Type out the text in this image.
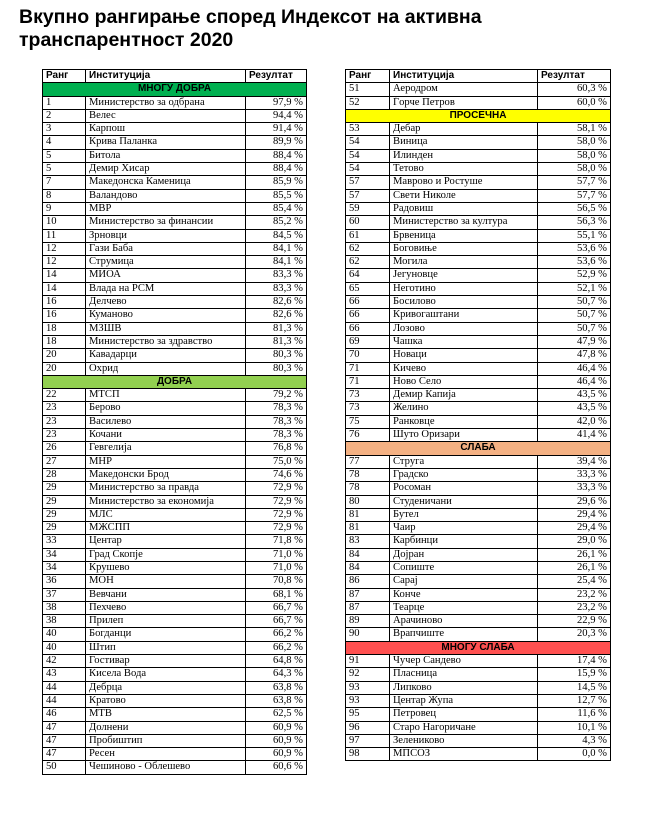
Вкупно рангирање според Индексот на активна транспарентност 2020
Ранг	Институција	Резултат
МНОГУ ДОБРА		
1	Министерство за одбрана	97,9 %
2	Велес	94,4 %
3	Карпош	91,4 %
4	Крива Паланка	89,9 %
5	Битола	88,4 %
5	Демир Хисар	88,4 %
7	Македонска Каменица	85,9 %
8	Валандово	85,5 %
9	МВР	85,4 %
10	Министерство за финансии	85,2 %
11	Зрновци	84,5 %
12	Гази Баба	84,1 %
12	Струмица	84,1 %
14	МИОА	83,3 %
14	Влада на РСМ	83,3 %
16	Делчево	82,6 %
16	Куманово	82,6 %
18	МЗШВ	81,3 %
18	Министерство за здравство	81,3 %
20	Кавадарци	80,3 %
20	Охрид	80,3 %
ДОБРА		
22	МТСП	79,2 %
23	Берово	78,3 %
23	Василево	78,3 %
23	Кочани	78,3 %
26	Гевгелија	76,8 %
27	МНР	75,0 %
28	Македонски Брод	74,6 %
29	Министерство за правда	72,9 %
29	Министерство за економија	72,9 %
29	МЛС	72,9 %
29	МЖСПП	72,9 %
33	Центар	71,8 %
34	Град Скопје	71,0 %
34	Крушево	71,0 %
36	МОН	70,8 %
37	Вевчани	68,1 %
38	Пехчево	66,7 %
38	Прилеп	66,7 %
40	Богданци	66,2 %
40	Штип	66,2 %
42	Гостивар	64,8 %
43	Кисела Вода	64,3 %
44	Дебрца	63,8 %
44	Кратово	63,8 %
46	МТВ	62,5 %
47	Долнени	60,9 %
47	Пробиштип	60,9 %
47	Ресен	60,9 %
50	Чешиново - Облешево	60,6 %
Ранг	Институција	Резултат
51	Аеродром	60,3 %
52	Ѓорче Петров	60,0 %
ПРОСЕЧНА		
53	Дебар	58,1 %
54	Виница	58,0 %
54	Илинден	58,0 %
54	Тетово	58,0 %
57	Маврово и Ростуше	57,7 %
57	Свети Николе	57,7 %
59	Радовиш	56,5 %
60	Министерство за култура	56,3 %
61	Брвеница	55,1 %
62	Боговиње	53,6 %
62	Могила	53,6 %
64	Јегуновце	52,9 %
65	Неготино	52,1 %
66	Босилово	50,7 %
66	Кривогаштани	50,7 %
66	Лозово	50,7 %
69	Чашка	47,9 %
70	Новаци	47,8 %
71	Кичево	46,4 %
71	Ново Село	46,4 %
73	Демир Капија	43,5 %
73	Желино	43,5 %
75	Ранковце	42,0 %
76	Шуто Оризари	41,4 %
СЛАБА		
77	Струга	39,4 %
78	Градско	33,3 %
78	Росоман	33,3 %
80	Студеничани	29,6 %
81	Бутел	29,4 %
81	Чаир	29,4 %
83	Карбинци	29,0 %
84	Дојран	26,1 %
84	Сопиште	26,1 %
86	Сарај	25,4 %
87	Конче	23,2 %
87	Теарце	23,2 %
89	Арачиново	22,9 %
90	Врапчиште	20,3 %
МНОГУ СЛАБА		
91	Чучер Сандево	17,4 %
92	Пласница	15,9 %
93	Липково	14,5 %
93	Центар Жупа	12,7 %
95	Петровец	11,6 %
96	Старо Нагоричане	10,1 %
97	Зелениково	4,3 %
98	МПСОЗ	0,0 %
